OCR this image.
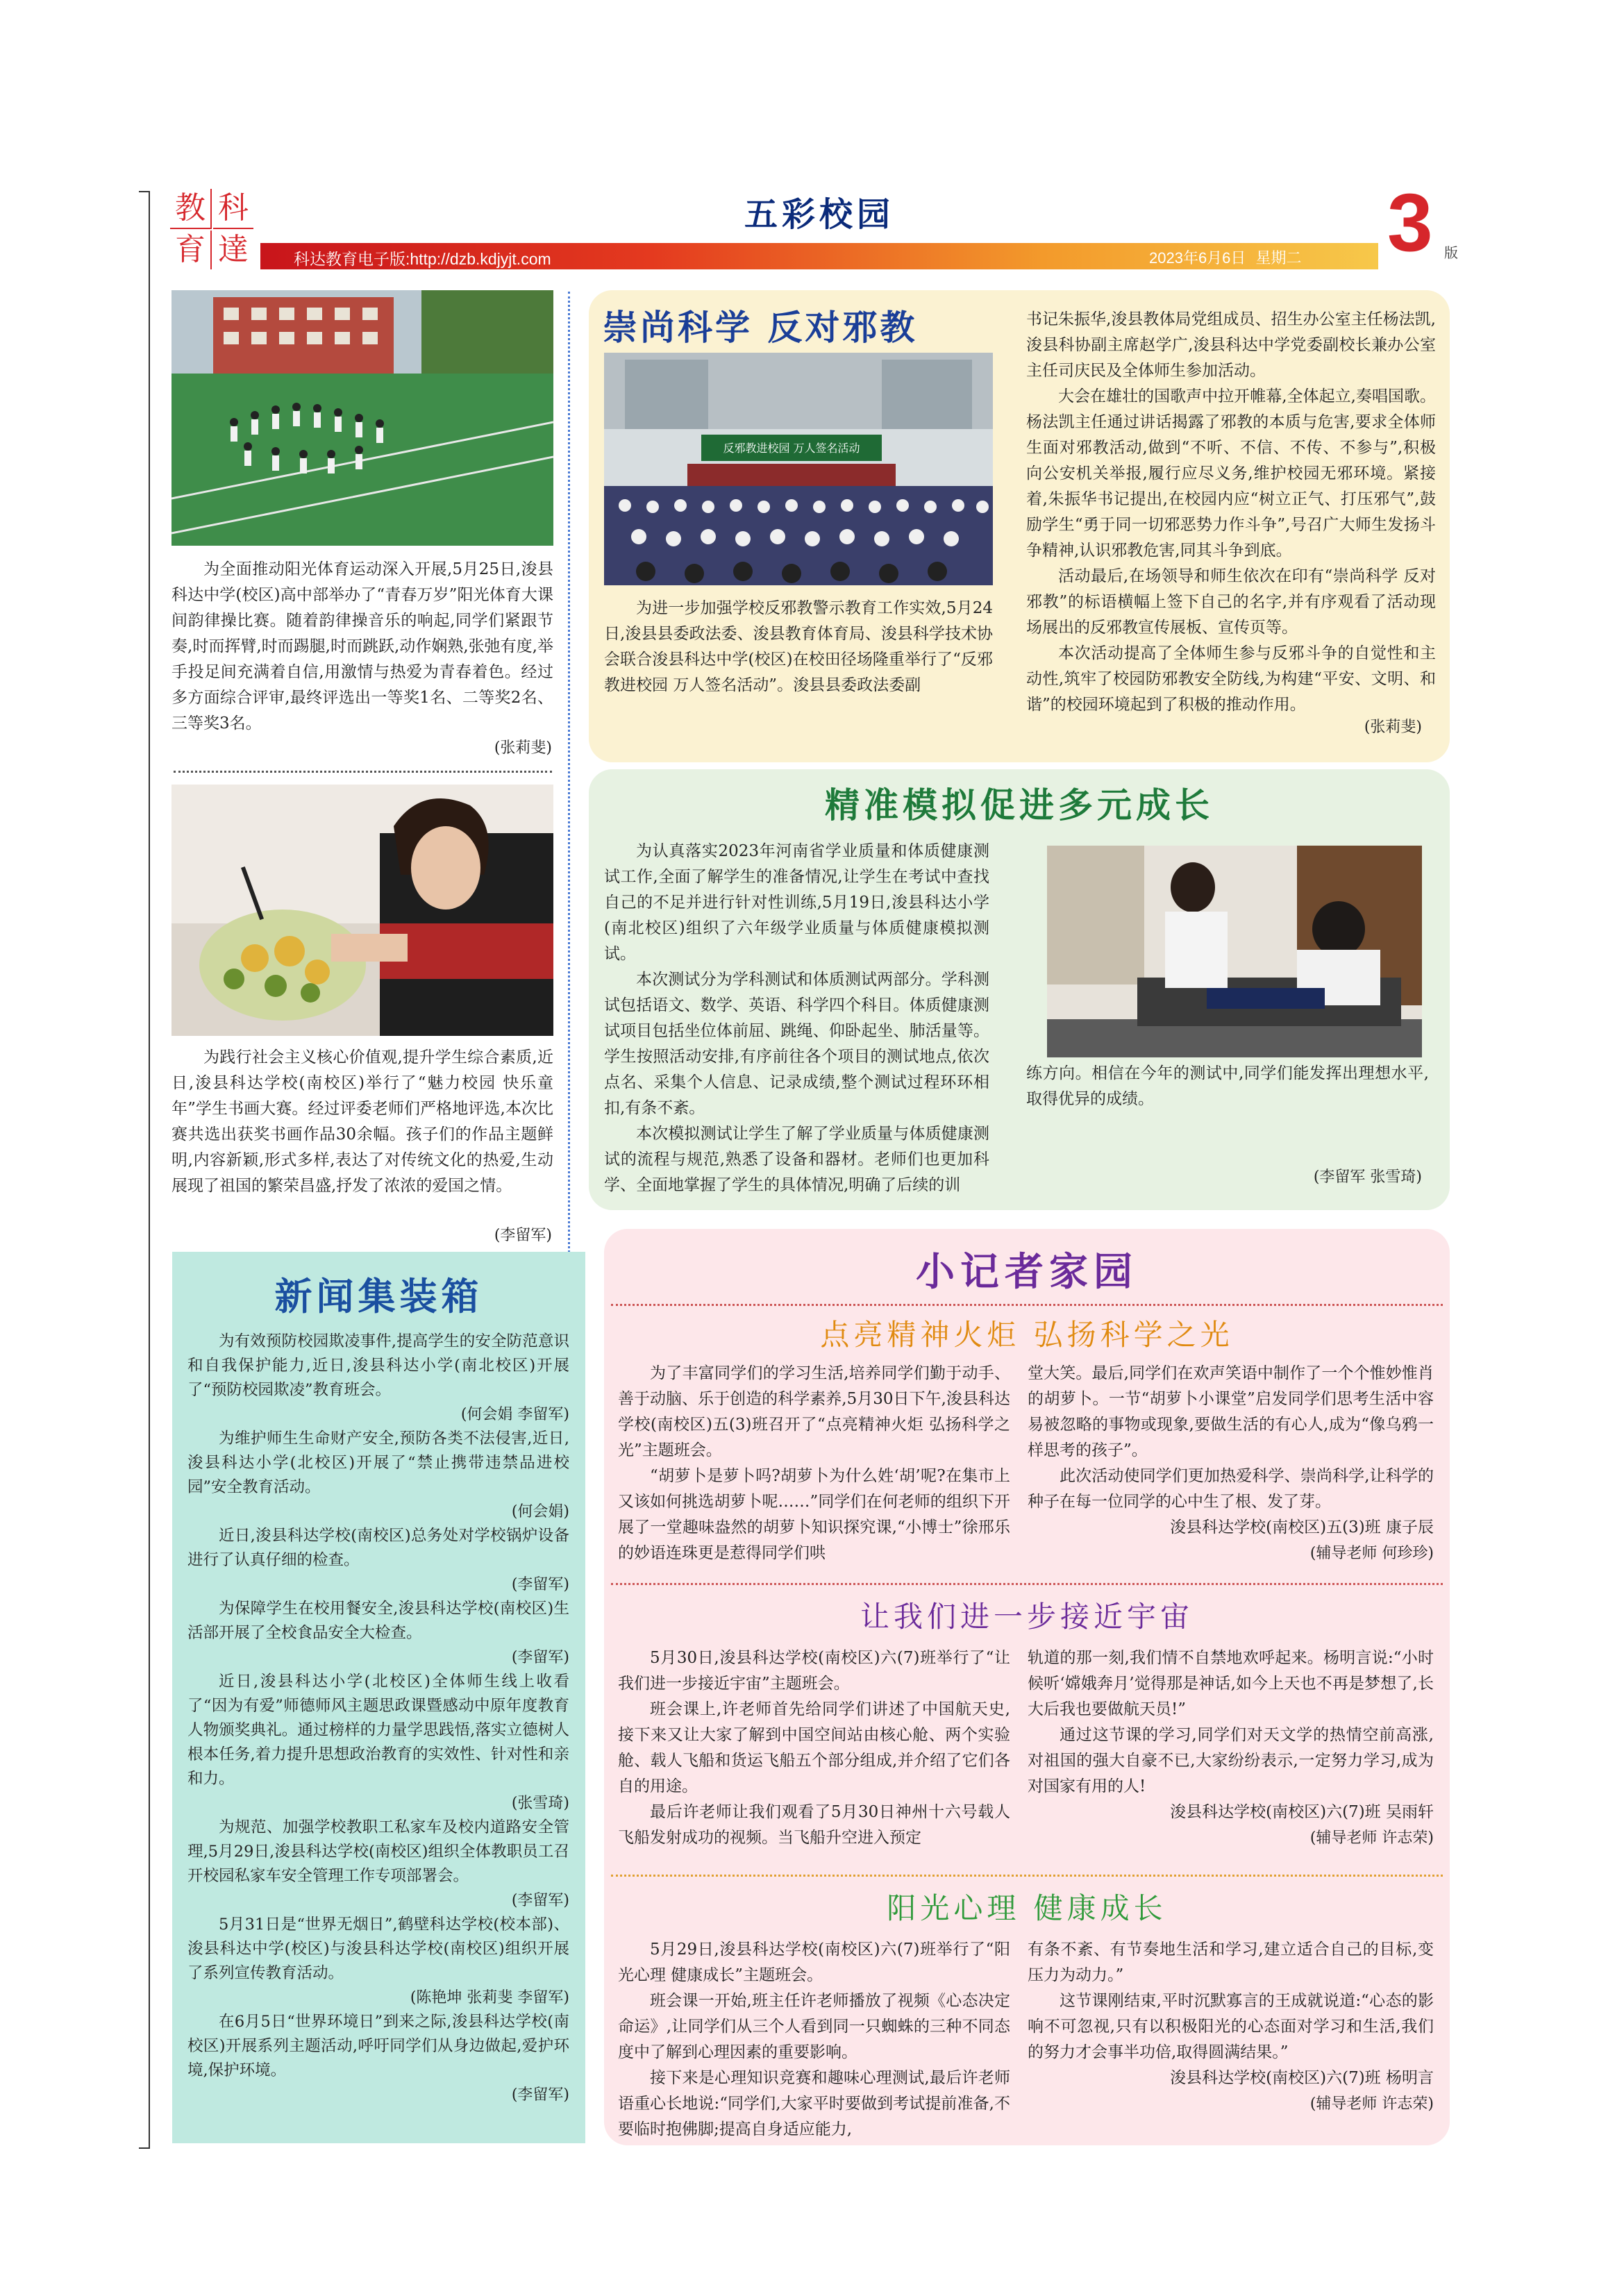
教 科
育 達
五彩校园
科达教育电子版:http://dzb.kdjyjt.com	2023年6月6日 星期二 3 版

为全面推动阳光体育运动深入开展,5月25日,浚县科达中学(校区)高中部举办了“青春万岁”阳光体育大课间韵律操比赛。随着韵律操音乐的响起,同学们紧跟节奏,时而挥臂,时而踢腿,时而跳跃,动作娴熟,张弛有度,举手投足间充满着自信,用激情与热爱为青春着色。经过多方面综合评审,最终评选出一等奖1名、二等奖2名、三等奖3名。

(张莉斐)

为践行社会主义核心价值观,提升学生综合素质,近日,浚县科达学校(南校区)举行了“魅力校园 快乐童年”学生书画大赛。经过评委老师们严格地评选,本次比赛共选出获奖书画作品30余幅。孩子们的作品主题鲜明,内容新颖,形式多样,表达了对传统文化的热爱,生动展现了祖国的繁荣昌盛,抒发了浓浓的爱国之情。

(李留军)
崇尚科学 反对邪教
反邪教进校园 万人签名活动

为进一步加强学校反邪教警示教育工作实效,5月24日,浚县县委政法委、浚县教育体育局、浚县科学技术协会联合浚县科达中学(校区)在校田径场隆重举行了“反邪教进校园 万人签名活动”。浚县县委政法委副

书记朱振华,浚县教体局党组成员、招生办公室主任杨法凯,浚县科协副主席赵学广,浚县科达中学党委副校长兼办公室主任司庆民及全体师生参加活动。

大会在雄壮的国歌声中拉开帷幕,全体起立,奏唱国歌。杨法凯主任通过讲话揭露了邪教的本质与危害,要求全体师生面对邪教活动,做到“不听、不信、不传、不参与”,积极向公安机关举报,履行应尽义务,维护校园无邪环境。紧接着,朱振华书记提出,在校园内应“树立正气、打压邪气”,鼓励学生“勇于同一切邪恶势力作斗争”,号召广大师生发扬斗争精神,认识邪教危害,同其斗争到底。

活动最后,在场领导和师生依次在印有“崇尚科学 反对邪教”的标语横幅上签下自己的名字,并有序观看了活动现场展出的反邪教宣传展板、宣传页等。

本次活动提高了全体师生参与反邪斗争的自觉性和主动性,筑牢了校园防邪教安全防线,为构建“平安、文明、和谐”的校园环境起到了积极的推动作用。

(张莉斐)
精准模拟促进多元成长

为认真落实2023年河南省学业质量和体质健康测试工作,全面了解学生的准备情况,让学生在考试中查找自己的不足并进行针对性训练,5月19日,浚县科达小学(南北校区)组织了六年级学业质量与体质健康模拟测试。

本次测试分为学科测试和体质测试两部分。学科测试包括语文、数学、英语、科学四个科目。体质健康测试项目包括坐位体前屈、跳绳、仰卧起坐、肺活量等。学生按照活动安排,有序前往各个项目的测试地点,依次点名、采集个人信息、记录成绩,整个测试过程环环相扣,有条不紊。

本次模拟测试让学生了解了学业质量与体质健康测试的流程与规范,熟悉了设备和器材。老师们也更加科学、全面地掌握了学生的具体情况,明确了后续的训

练方向。相信在今年的测试中,同学们能发挥出理想水平,取得优异的成绩。

(李留军 张雪琦)
新闻集装箱

为有效预防校园欺凌事件,提高学生的安全防范意识和自我保护能力,近日,浚县科达小学(南北校区)开展了“预防校园欺凌”教育班会。

(何会娟 李留军)

为维护师生生命财产安全,预防各类不法侵害,近日,浚县科达小学(北校区)开展了“禁止携带违禁品进校园”安全教育活动。

(何会娟)

近日,浚县科达学校(南校区)总务处对学校锅炉设备进行了认真仔细的检查。

(李留军)

为保障学生在校用餐安全,浚县科达学校(南校区)生活部开展了全校食品安全大检查。

(李留军)

近日,浚县科达小学(北校区)全体师生线上收看了“因为有爱”师德师风主题思政课暨感动中原年度教育人物颁奖典礼。通过榜样的力量学思践悟,落实立德树人根本任务,着力提升思想政治教育的实效性、针对性和亲和力。

(张雪琦)

为规范、加强学校教职工私家车及校内道路安全管理,5月29日,浚县科达学校(南校区)组织全体教职员工召开校园私家车安全管理工作专项部署会。

(李留军)

5月31日是“世界无烟日”,鹤壁科达学校(校本部)、浚县科达中学(校区)与浚县科达学校(南校区)组织开展了系列宣传教育活动。

(陈艳坤 张莉斐 李留军)

在6月5日“世界环境日”到来之际,浚县科达学校(南校区)开展系列主题活动,呼吁同学们从身边做起,爱护环境,保护环境。

(李留军)
小记者家园
点亮精神火炬 弘扬科学之光

为了丰富同学们的学习生活,培养同学们勤于动手、善于动脑、乐于创造的科学素养,5月30日下午,浚县科达学校(南校区)五(3)班召开了“点亮精神火炬 弘扬科学之光”主题班会。

“胡萝卜是萝卜吗?胡萝卜为什么姓‘胡’呢?在集市上又该如何挑选胡萝卜呢……”同学们在何老师的组织下开展了一堂趣味盎然的胡萝卜知识探究课,“小博士”徐邢乐的妙语连珠更是惹得同学们哄

堂大笑。最后,同学们在欢声笑语中制作了一个个惟妙惟肖的胡萝卜。一节“胡萝卜小课堂”启发同学们思考生活中容易被忽略的事物或现象,要做生活的有心人,成为“像乌鸦一样思考的孩子”。

此次活动使同学们更加热爱科学、崇尚科学,让科学的种子在每一位同学的心中生了根、发了芽。

浚县科达学校(南校区)五(3)班 康子辰
(辅导老师 何珍珍)
让我们进一步接近宇宙

5月30日,浚县科达学校(南校区)六(7)班举行了“让我们进一步接近宇宙”主题班会。

班会课上,许老师首先给同学们讲述了中国航天史,接下来又让大家了解到中国空间站由核心舱、两个实验舱、载人飞船和货运飞船五个部分组成,并介绍了它们各自的用途。

最后许老师让我们观看了5月30日神州十六号载人飞船发射成功的视频。当飞船升空进入预定

轨道的那一刻,我们情不自禁地欢呼起来。杨明言说:“小时候听‘嫦娥奔月’觉得那是神话,如今上天也不再是梦想了,长大后我也要做航天员!”

通过这节课的学习,同学们对天文学的热情空前高涨,对祖国的强大自豪不已,大家纷纷表示,一定努力学习,成为对国家有用的人!

浚县科达学校(南校区)六(7)班 吴雨轩
(辅导老师 许志荣)
阳光心理 健康成长

5月29日,浚县科达学校(南校区)六(7)班举行了“阳光心理 健康成长”主题班会。

班会课一开始,班主任许老师播放了视频《心态决定命运》,让同学们从三个人看到同一只蜘蛛的三种不同态度中了解到心理因素的重要影响。

接下来是心理知识竞赛和趣味心理测试,最后许老师语重心长地说:“同学们,大家平时要做到考试提前准备,不要临时抱佛脚;提高自身适应能力,

有条不紊、有节奏地生活和学习,建立适合自己的目标,变压力为动力。”

这节课刚结束,平时沉默寡言的王成就说道:“心态的影响不可忽视,只有以积极阳光的心态面对学习和生活,我们的努力才会事半功倍,取得圆满结果。”

浚县科达学校(南校区)六(7)班 杨明言
(辅导老师 许志荣)
